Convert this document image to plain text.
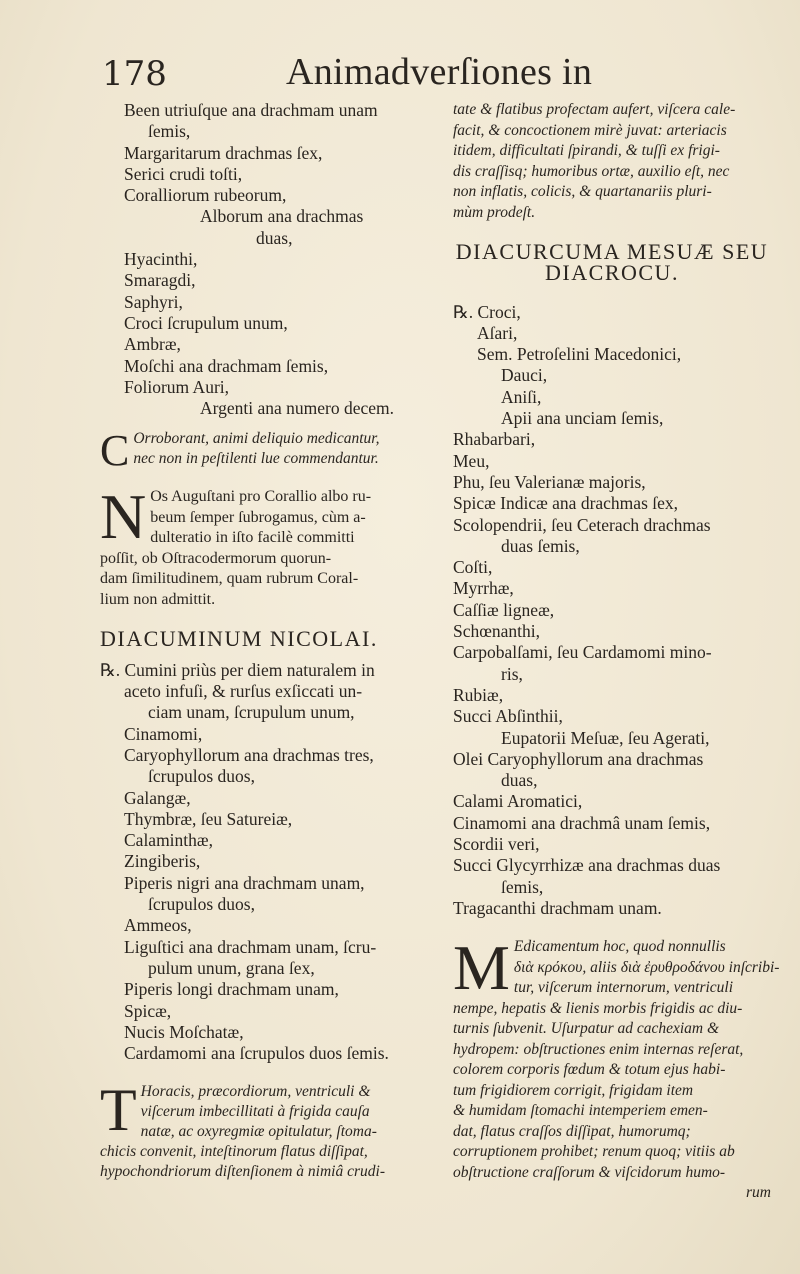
178	Animadverſiones in

Been utriuſque ana drachmam unam

ſemis,

Margaritarum drachmas ſex,

Serici crudi toſti,

Coralliorum rubeorum,

Alborum ana drachmas

duas,

Hyacinthi,

Smaragdi,

Saphyri,

Croci ſcrupulum unum,

Ambræ,

Moſchi ana drachmam ſemis,

Foliorum Auri,

Argenti ana numero decem.

C Orroborant, animi deliquio medicantur,
nec non in peſtilenti lue commendantur.
N Os Auguſtani pro Corallio albo ru-
beum ſemper ſubrogamus, cùm a-
dulteratio in iſto facilè committi
poſſit, ob Oſtracodermorum quorun-
dam ſimilitudinem, quam rubrum Coral-
lium non admittit.

DIACUMINUM NICOLAI.

℞. Cumini priùs per diem naturalem in

aceto infuſi, & rurſus exſiccati un-

ciam unam, ſcrupulum unum,

Cinamomi,

Caryophyllorum ana drachmas tres,

ſcrupulos duos,

Galangæ,

Thymbræ, ſeu Satureiæ,

Calaminthæ,

Zingiberis,

Piperis nigri ana drachmam unam,

ſcrupulos duos,

Ammeos,

Liguſtici ana drachmam unam, ſcru-

pulum unum, grana ſex,

Piperis longi drachmam unam,

Spicæ,

Nucis Moſchatæ,

Cardamomi ana ſcrupulos duos ſemis.

T Horacis, præcordiorum, ventriculi &
viſcerum imbecillitati à frigida cauſa
natæ, ac oxyregmiæ opitulatur, ſtoma-
chicis convenit, inteſtinorum flatus diſſipat,
hypochondriorum diſtenſionem à nimiâ crudi-
tate & flatibus profectam aufert, viſcera cale-
facit, & concoctionem mirè juvat: arteriacis
itidem, difficultati ſpirandi, & tuſſi ex frigi-
dis craſſisq; humoribus ortæ, auxilio eſt, nec
non inflatis, colicis, & quartanariis pluri-
mùm prodeſt.

DIACURCUMA MESUÆ SEU

DIACROCU.

℞. Croci,

Aſari,

Sem. Petroſelini Macedonici,

Dauci,

Aniſi,

Apii ana unciam ſemis,

Rhabarbari,

Meu,

Phu, ſeu Valerianæ majoris,

Spicæ Indicæ ana drachmas ſex,

Scolopendrii, ſeu Ceterach drachmas

duas ſemis,

Coſti,

Myrrhæ,

Caſſiæ ligneæ,

Schœnanthi,

Carpobalſami, ſeu Cardamomi mino-

ris,

Rubiæ,

Succi Abſinthii,

Eupatorii Meſuæ, ſeu Agerati,

Olei Caryophyllorum ana drachmas

duas,

Calami Aromatici,

Cinamomi ana drachmâ unam ſemis,

Scordii veri,

Succi Glycyrrhizæ ana drachmas duas

ſemis,

Tragacanthi drachmam unam.

M Edicamentum hoc, quod nonnullis
διὰ κρόκου, aliis διὰ ἐρυθροδάνου inſcribi-
tur, viſcerum internorum, ventriculi
nempe, hepatis & lienis morbis frigidis ac diu-
turnis ſubvenit. Uſurpatur ad cachexiam &
hydropem: obſtructiones enim internas reſerat,
colorem corporis fœdum & totum ejus habi-
tum frigidiorem corrigit, frigidam item
& humidam ſtomachi intemperiem emen-
dat, flatus craſſos diſſipat, humorumq;
corruptionem prohibet; renum quoq; vitiis ab
obſtructione craſſorum & viſcidorum humo-
rum
